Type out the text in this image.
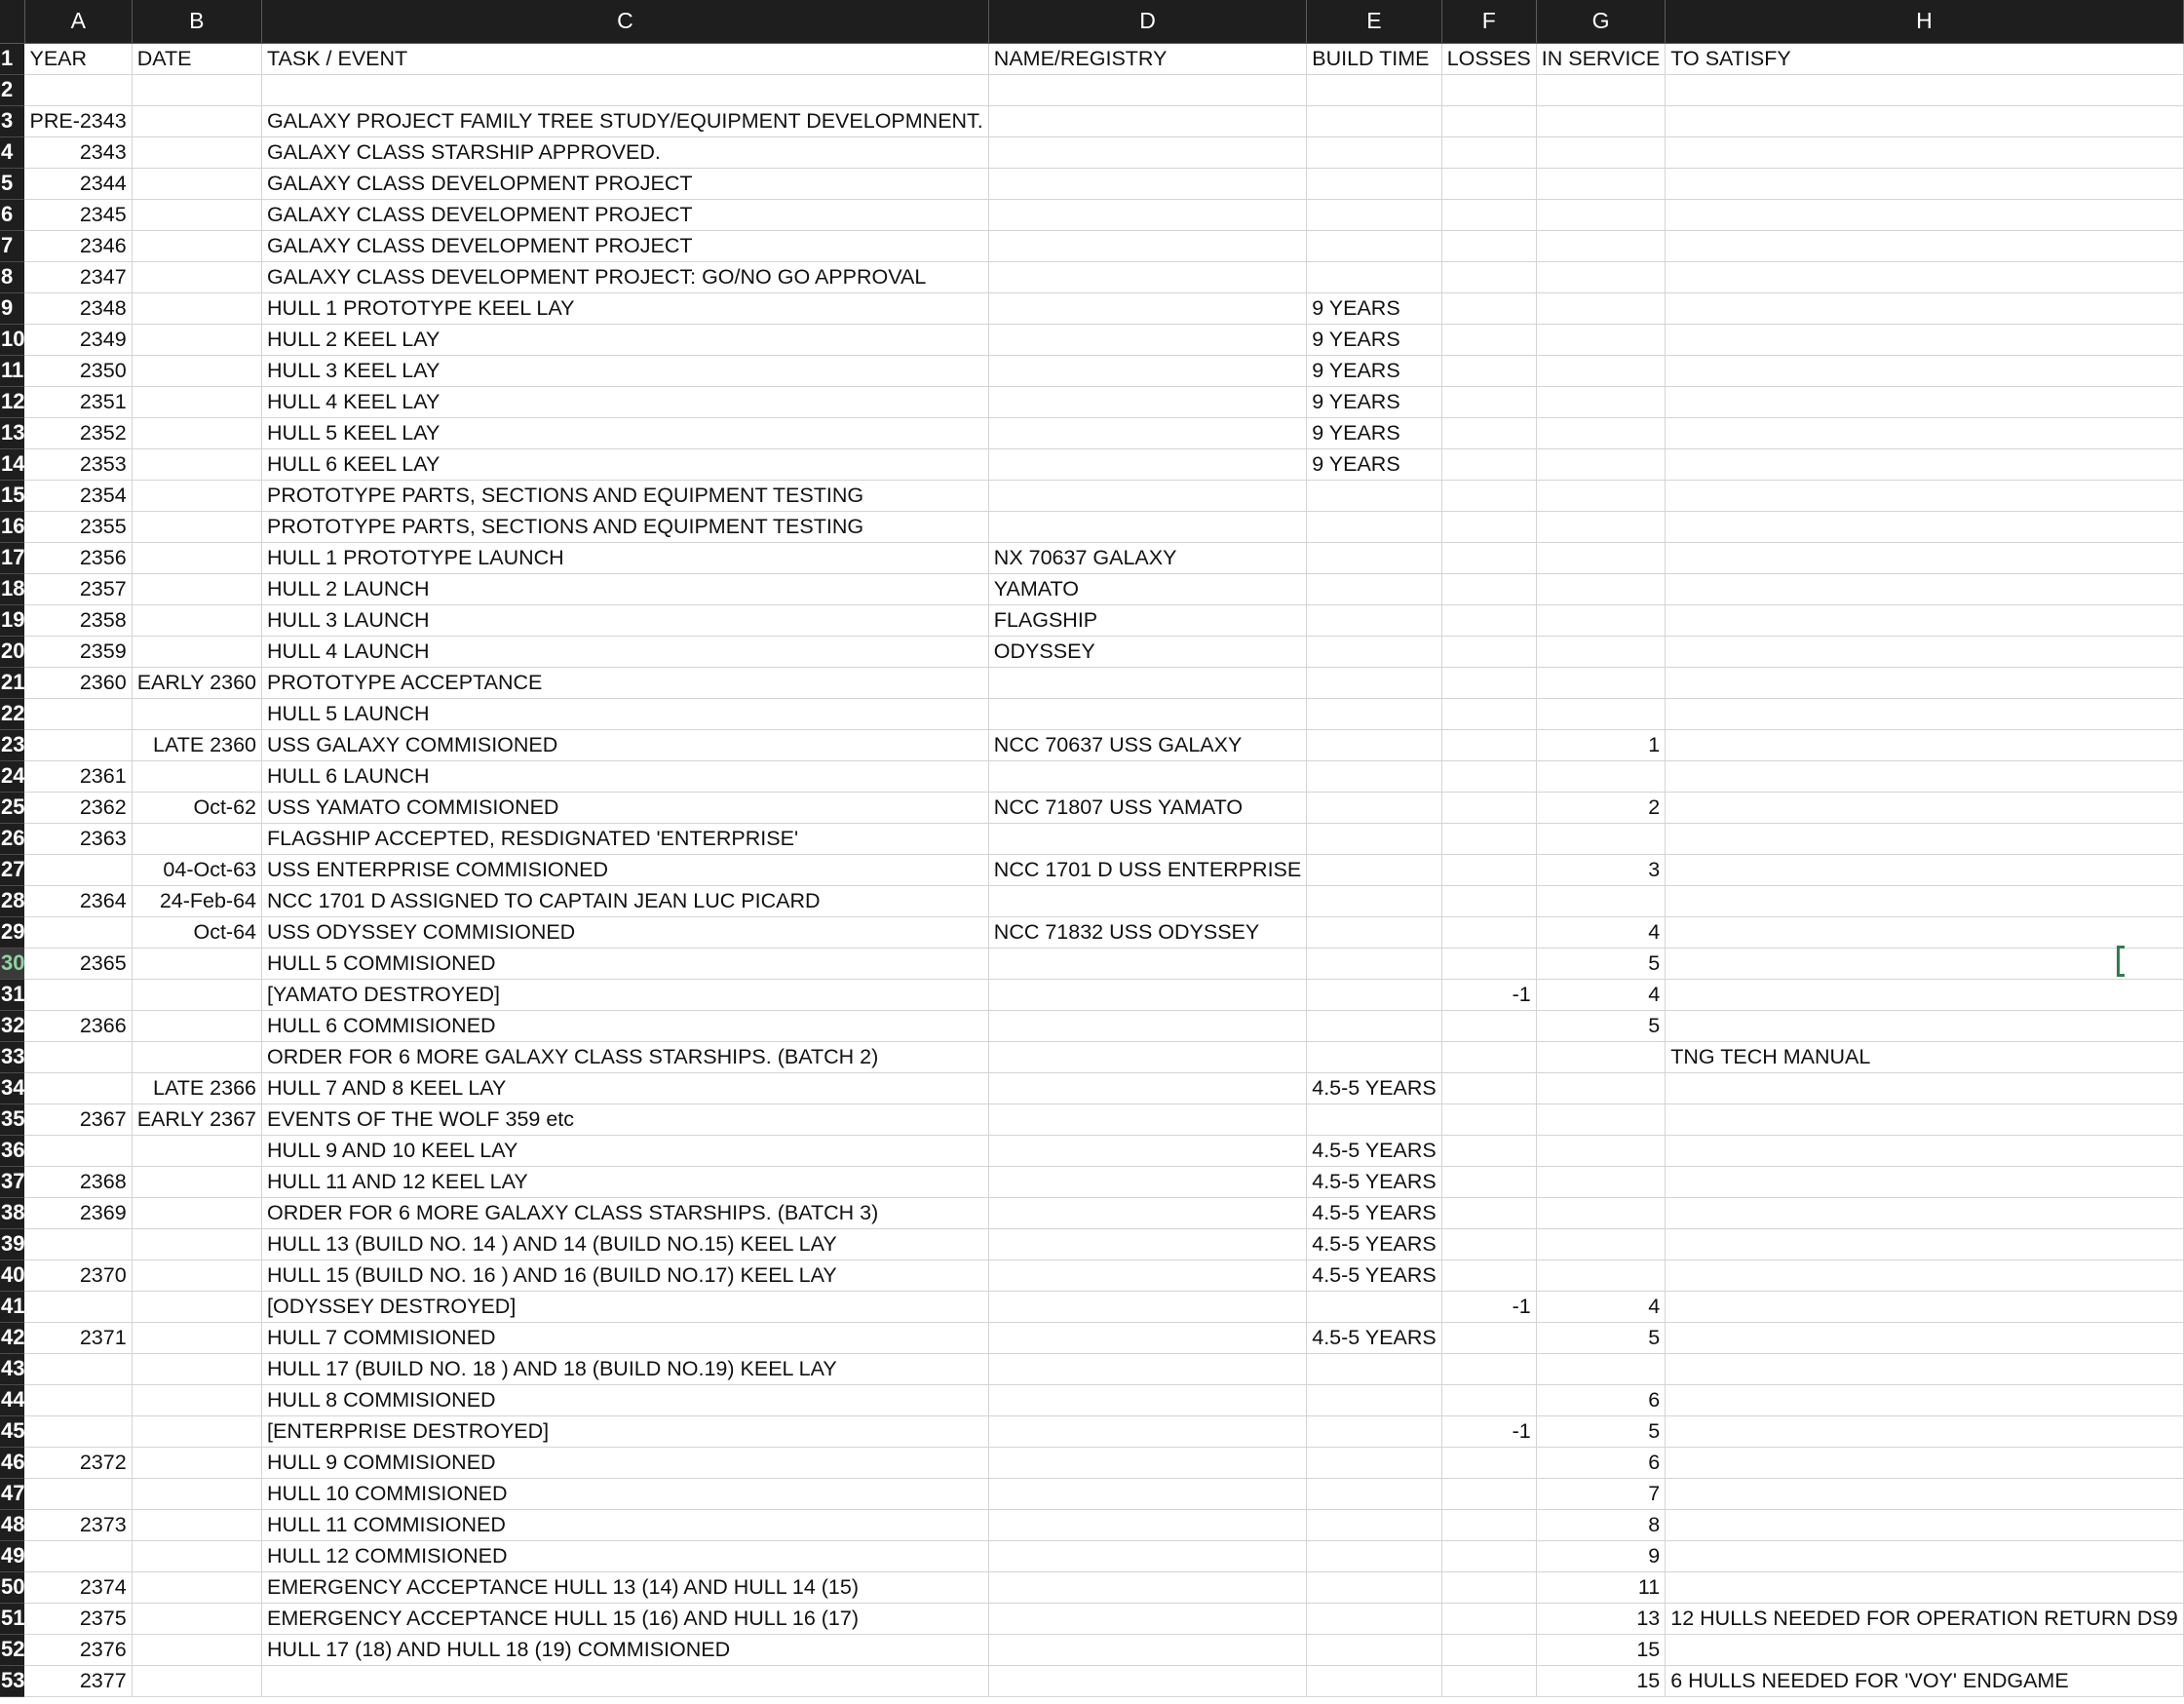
	A	B	C	D	E	F	G	H
1	YEAR	DATE	TASK / EVENT	NAME/REGISTRY	BUILD TIME	LOSSES	IN SERVICE	TO SATISFY
2								
3	PRE-2343		GALAXY PROJECT FAMILY TREE STUDY/EQUIPMENT DEVELOPMNENT.					
4	2343		GALAXY CLASS STARSHIP APPROVED.					
5	2344		GALAXY CLASS DEVELOPMENT PROJECT					
6	2345		GALAXY CLASS DEVELOPMENT PROJECT					
7	2346		GALAXY CLASS DEVELOPMENT PROJECT					
8	2347		GALAXY CLASS DEVELOPMENT PROJECT: GO/NO GO APPROVAL					
9	2348		HULL 1 PROTOTYPE KEEL LAY		9 YEARS			
10	2349		HULL 2 KEEL LAY		9 YEARS			
11	2350		HULL 3 KEEL LAY		9 YEARS			
12	2351		HULL 4 KEEL LAY		9 YEARS			
13	2352		HULL 5 KEEL LAY		9 YEARS			
14	2353		HULL 6 KEEL LAY		9 YEARS			
15	2354		PROTOTYPE PARTS, SECTIONS AND EQUIPMENT TESTING					
16	2355		PROTOTYPE PARTS, SECTIONS AND EQUIPMENT TESTING					
17	2356		HULL 1 PROTOTYPE LAUNCH	NX 70637 GALAXY				
18	2357		HULL 2 LAUNCH	YAMATO				
19	2358		HULL 3 LAUNCH	FLAGSHIP				
20	2359		HULL 4 LAUNCH	ODYSSEY				
21	2360	EARLY 2360	PROTOTYPE ACCEPTANCE					
22			HULL 5 LAUNCH					
23		LATE 2360	USS GALAXY COMMISIONED	NCC 70637 USS GALAXY			1	
24	2361		HULL 6 LAUNCH					
25	2362	Oct-62	USS YAMATO COMMISIONED	NCC 71807 USS YAMATO			2	
26	2363		FLAGSHIP ACCEPTED, RESDIGNATED 'ENTERPRISE'					
27		04-Oct-63	USS ENTERPRISE COMMISIONED	NCC 1701 D USS ENTERPRISE			3	
28	2364	24-Feb-64	NCC 1701 D ASSIGNED TO CAPTAIN JEAN LUC PICARD					
29		Oct-64	USS ODYSSEY COMMISIONED	NCC 71832 USS ODYSSEY			4	
30	2365		HULL 5 COMMISIONED				5	
31			[YAMATO DESTROYED]			-1	4	
32	2366		HULL 6 COMMISIONED				5	
33			ORDER FOR 6 MORE GALAXY CLASS STARSHIPS. (BATCH 2)					TNG TECH MANUAL
34		LATE 2366	HULL 7 AND 8 KEEL LAY		4.5-5 YEARS			
35	2367	EARLY 2367	EVENTS OF THE WOLF 359 etc					
36			HULL 9 AND 10 KEEL LAY		4.5-5 YEARS			
37	2368		HULL 11 AND 12 KEEL LAY		4.5-5 YEARS			
38	2369		ORDER FOR 6 MORE GALAXY CLASS STARSHIPS. (BATCH 3)		4.5-5 YEARS			
39			HULL 13 (BUILD NO. 14 ) AND 14 (BUILD NO.15) KEEL LAY		4.5-5 YEARS			
40	2370		HULL 15 (BUILD NO. 16 ) AND 16 (BUILD NO.17) KEEL LAY		4.5-5 YEARS			
41			[ODYSSEY DESTROYED]			-1	4	
42	2371		HULL 7 COMMISIONED		4.5-5 YEARS		5	
43			HULL 17 (BUILD NO. 18 ) AND 18 (BUILD NO.19) KEEL LAY					
44			HULL 8 COMMISIONED				6	
45			[ENTERPRISE DESTROYED]			-1	5	
46	2372		HULL 9 COMMISIONED				6	
47			HULL 10 COMMISIONED				7	
48	2373		HULL 11 COMMISIONED				8	
49			HULL 12 COMMISIONED				9	
50	2374		EMERGENCY ACCEPTANCE HULL 13 (14) AND HULL 14 (15)				11	
51	2375		EMERGENCY ACCEPTANCE HULL 15 (16) AND HULL 16 (17)				13	12 HULLS NEEDED FOR OPERATION RETURN DS9
52	2376		HULL 17 (18) AND HULL 18 (19) COMMISIONED				15	
53	2377						15	6 HULLS NEEDED FOR 'VOY' ENDGAME
